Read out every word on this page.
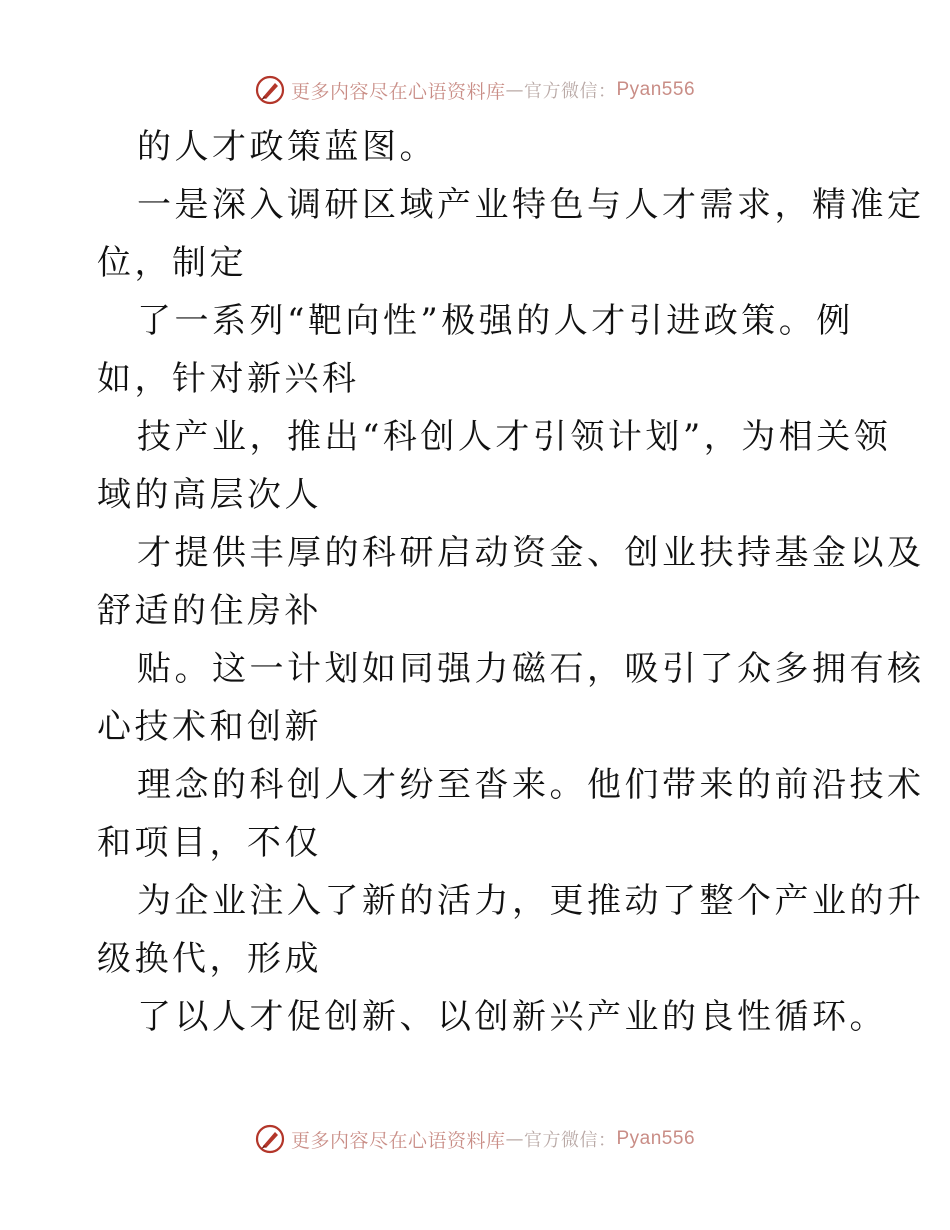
更多内容尽在心语资料库 — 官方微信： Pyan556
的人才政策蓝图。
一是深入调研区域产业特色与人才需求，精准定
位，制定
了一系列“靶向性”极强的人才引进政策。例
如，针对新兴科
技产业，推出“科创人才引领计划”，为相关领
域的高层次人
才提供丰厚的科研启动资金、创业扶持基金以及
舒适的住房补
贴。这一计划如同强力磁石，吸引了众多拥有核
心技术和创新
理念的科创人才纷至沓来。他们带来的前沿技术
和项目，不仅
为企业注入了新的活力，更推动了整个产业的升
级换代，形成
了以人才促创新、以创新兴产业的良性循环。
更多内容尽在心语资料库 — 官方微信： Pyan556
